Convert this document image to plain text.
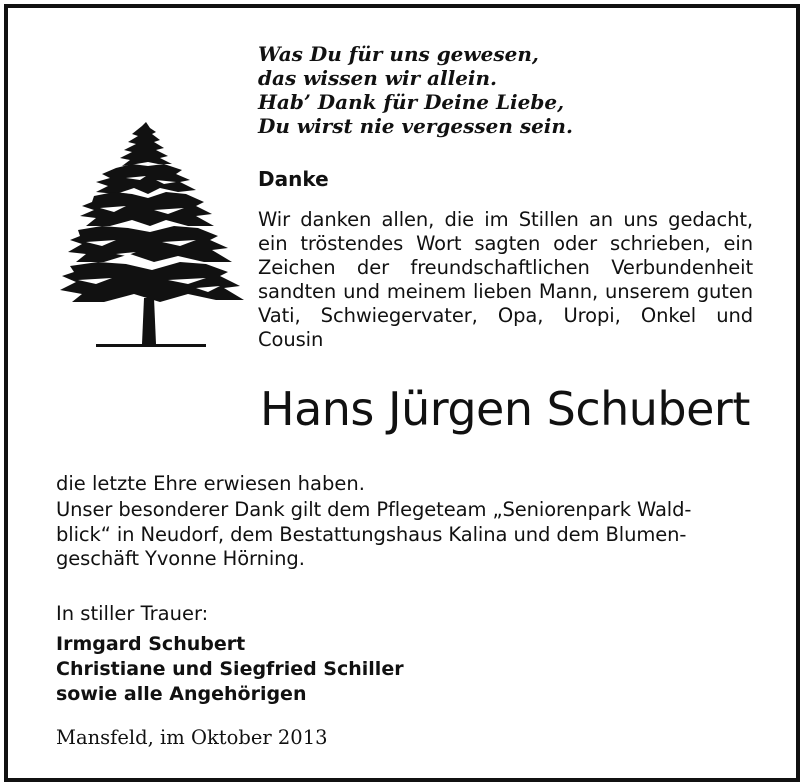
Was Du für uns gewesen,
das wissen wir allein.
Hab’ Dank für Deine Liebe,
Du wirst nie vergessen sein.
Danke

Wir danken allen, die im Stillen an uns gedacht, ein tröstendes Wort sagten oder schrieben, ein Zeichen der freundschaftlichen Verbundenheit sandten und meinem lieben Mann, unserem guten Vati, Schwiegervater, Opa, Uropi, Onkel und Cousin

Hans Jürgen Schubert

die letzte Ehre erwiesen haben.

Unser besonderer Dank gilt dem Pflegeteam „Seniorenpark Wald-
blick“ in Neudorf, dem Bestattungshaus Kalina und dem Blumen-
geschäft Yvonne Hörning.

In stiller Trauer:

Irmgard Schubert
Christiane und Siegfried Schiller
sowie alle Angehörigen

Mansfeld, im Oktober 2013
